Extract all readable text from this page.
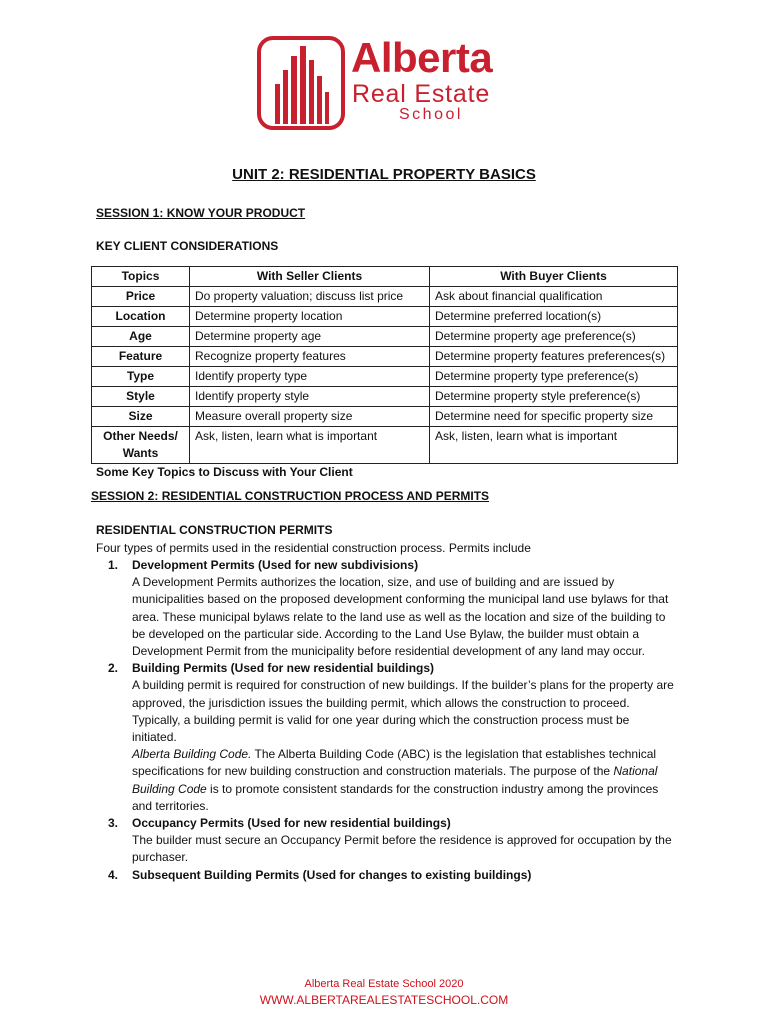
Alberta
Real Estate
School
UNIT 2: RESIDENTIAL PROPERTY BASICS
SESSION 1: KNOW YOUR PRODUCT
KEY CLIENT CONSIDERATIONS
Topics	With Seller Clients	With Buyer Clients
Price	Do property valuation; discuss list price	Ask about financial qualification
Location	Determine property location	Determine preferred location(s)
Age	Determine property age	Determine property age preference(s)
Feature	Recognize property features	Determine property features preferences(s)
Type	Identify property type	Determine property type preference(s)
Style	Identify property style	Determine property style preference(s)
Size	Measure overall property size	Determine need for specific property size
Other Needs/ Wants	Ask, listen, learn what is important	Ask, listen, learn what is important
Some Key Topics to Discuss with Your Client
SESSION 2: RESIDENTIAL CONSTRUCTION PROCESS AND PERMITS
RESIDENTIAL CONSTRUCTION PERMITS
Four types of permits used in the residential construction process. Permits include
1. Development Permits (Used for new subdivisions)

A Development Permits authorizes the location, size, and use of building and are issued by municipalities based on the proposed development conforming the municipal land use bylaws for that area. These municipal bylaws relate to the land use as well as the location and size of the building to be developed on the particular side. According to the Land Use Bylaw, the builder must obtain a Development Permit from the municipality before residential development of any land may occur.

2. Building Permits (Used for new residential buildings)

A building permit is required for construction of new buildings. If the builder’s plans for the property are approved, the jurisdiction issues the building permit, which allows the construction to proceed. Typically, a building permit is valid for one year during which the construction process must be initiated.

Alberta Building Code. The Alberta Building Code (ABC) is the legislation that establishes technical specifications for new building construction and construction materials. The purpose of the National Building Code is to promote consistent standards for the construction industry among the provinces and territories.

3. Occupancy Permits (Used for new residential buildings)

The builder must secure an Occupancy Permit before the residence is approved for occupation by the purchaser.

4. Subsequent Building Permits (Used for changes to existing buildings)
Alberta Real Estate School 2020
WWW.ALBERTAREALESTATESCHOOL.COM
